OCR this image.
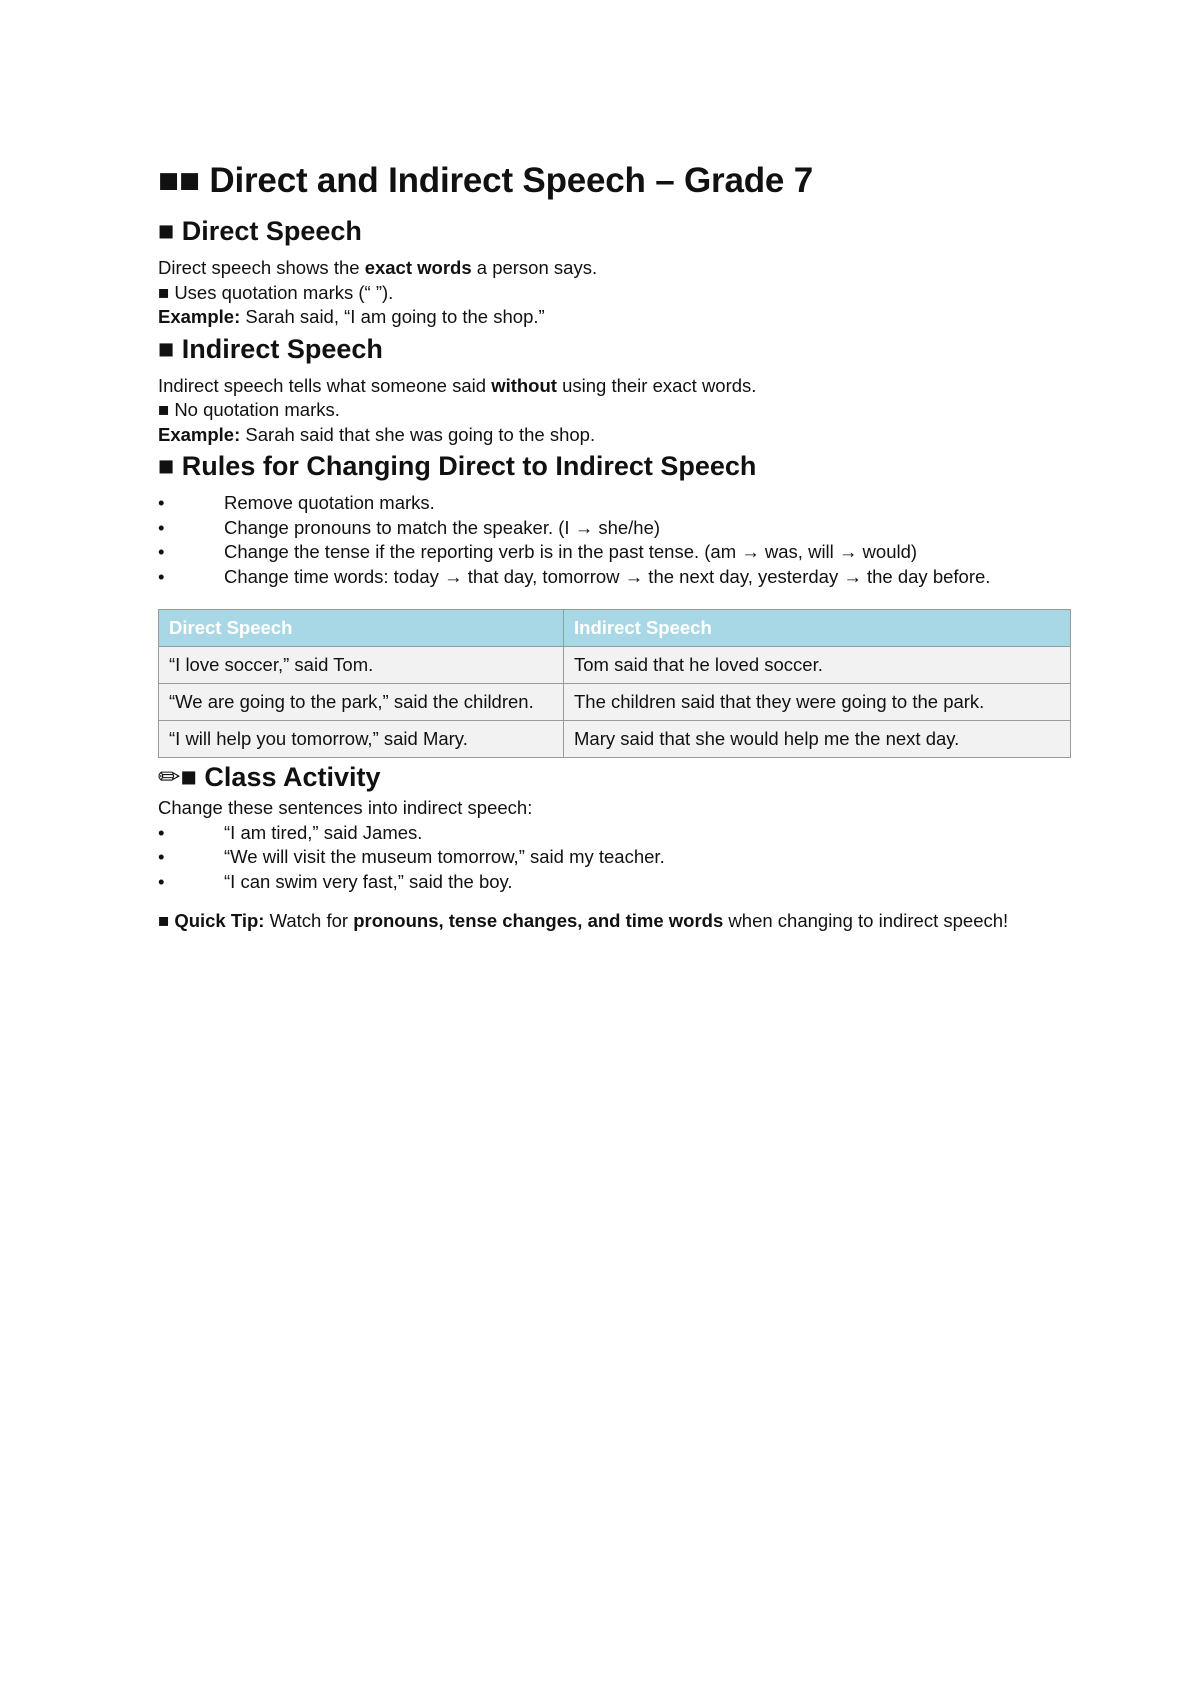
■■ Direct and Indirect Speech – Grade 7
■ Direct Speech

Direct speech shows the exact words a person says.

■ Uses quotation marks (“ ”).

Example: Sarah said, “I am going to the shop.”

■ Indirect Speech

Indirect speech tells what someone said without using their exact words.

■ No quotation marks.

Example: Sarah said that she was going to the shop.

■ Rules for Changing Direct to Indirect Speech
•	Remove quotation marks.
•	Change pronouns to match the speaker. (I → she/he)
•	Change the tense if the reporting verb is in the past tense. (am → was, will → would)
•	Change time words: today → that day, tomorrow → the next day, yesterday → the day before.
Direct Speech	Indirect Speech
“I love soccer,” said Tom.	Tom said that he loved soccer.
“We are going to the park,” said the children.	The children said that they were going to the park.
“I will help you tomorrow,” said Mary.	Mary said that she would help me the next day.
✏■ Class Activity

Change these sentences into indirect speech:

•	“I am tired,” said James.
•	“We will visit the museum tomorrow,” said my teacher.
•	“I can swim very fast,” said the boy.

■ Quick Tip: Watch for pronouns, tense changes, and time words when changing to indirect speech!
